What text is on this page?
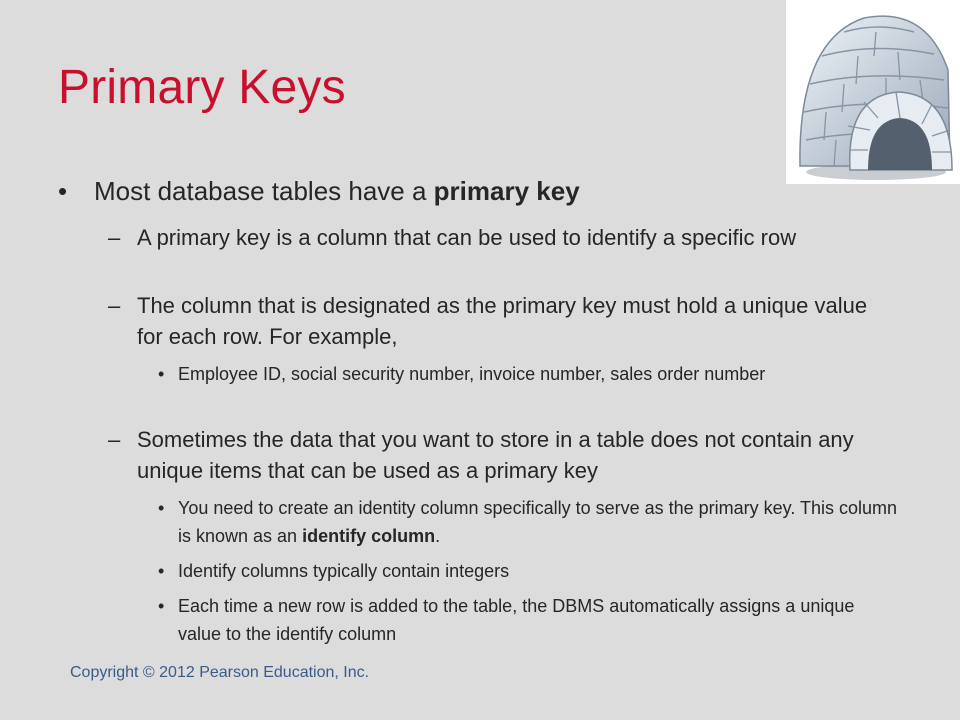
Primary Keys
• Most database tables have a primary key
– A primary key is a column that can be used to identify a specific row
– The column that is designated as the primary key must hold a unique value for each row. For example,
• Employee ID, social security number, invoice number, sales order number
– Sometimes the data that you want to store in a table does not contain any unique items that can be used as a primary key
• You need to create an identity column specifically to serve as the primary key. This column is known as an identify column.
• Identify columns typically contain integers
• Each time a new row is added to the table, the DBMS automatically assigns a unique value to the identify column
Copyright © 2012 Pearson Education, Inc.
